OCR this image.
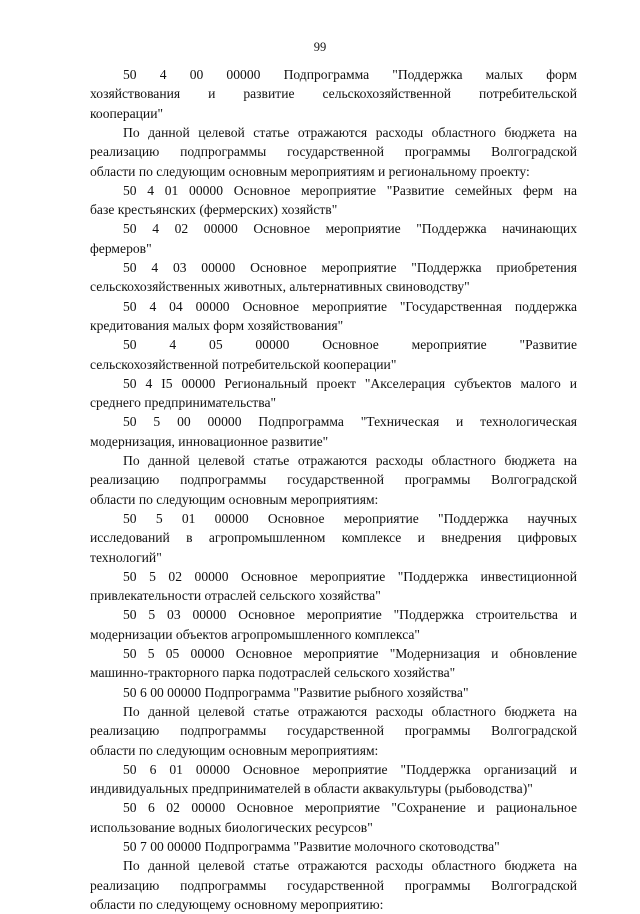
99
50 4 00 00000 Подпрограмма "Поддержка малых форм
хозяйствования и развитие сельскохозяйственной потребительской
кооперации"
По данной целевой статье отражаются расходы областного бюджета на
реализацию подпрограммы государственной программы Волгоградской
области по следующим основным мероприятиям и региональному проекту:
50 4 01 00000 Основное мероприятие "Развитие семейных ферм на
базе крестьянских (фермерских) хозяйств"
50 4 02 00000 Основное мероприятие "Поддержка начинающих
фермеров"
50 4 03 00000 Основное мероприятие "Поддержка приобретения
сельскохозяйственных животных, альтернативных свиноводству"
50 4 04 00000 Основное мероприятие "Государственная поддержка
кредитования малых форм хозяйствования"
50 4 05 00000 Основное мероприятие "Развитие
сельскохозяйственной потребительской кооперации"
50 4 I5 00000 Региональный проект "Акселерация субъектов малого и
среднего предпринимательства"
50 5 00 00000 Подпрограмма "Техническая и технологическая
модернизация, инновационное развитие"
По данной целевой статье отражаются расходы областного бюджета на
реализацию подпрограммы государственной программы Волгоградской
области по следующим основным мероприятиям:
50 5 01 00000 Основное мероприятие "Поддержка научных
исследований в агропромышленном комплексе и внедрения цифровых
технологий"
50 5 02 00000 Основное мероприятие "Поддержка инвестиционной
привлекательности отраслей сельского хозяйства"
50 5 03 00000 Основное мероприятие "Поддержка строительства и
модернизации объектов агропромышленного комплекса"
50 5 05 00000 Основное мероприятие "Модернизация и обновление
машинно-тракторного парка подотраслей сельского хозяйства"
50 6 00 00000 Подпрограмма "Развитие рыбного хозяйства"
По данной целевой статье отражаются расходы областного бюджета на
реализацию подпрограммы государственной программы Волгоградской
области по следующим основным мероприятиям:
50 6 01 00000 Основное мероприятие "Поддержка организаций и
индивидуальных предпринимателей в области аквакультуры (рыбоводства)"
50 6 02 00000 Основное мероприятие "Сохранение и рациональное
использование водных биологических ресурсов"
50 7 00 00000 Подпрограмма "Развитие молочного скотоводства"
По данной целевой статье отражаются расходы областного бюджета на
реализацию подпрограммы государственной программы Волгоградской
области по следующему основному мероприятию:
